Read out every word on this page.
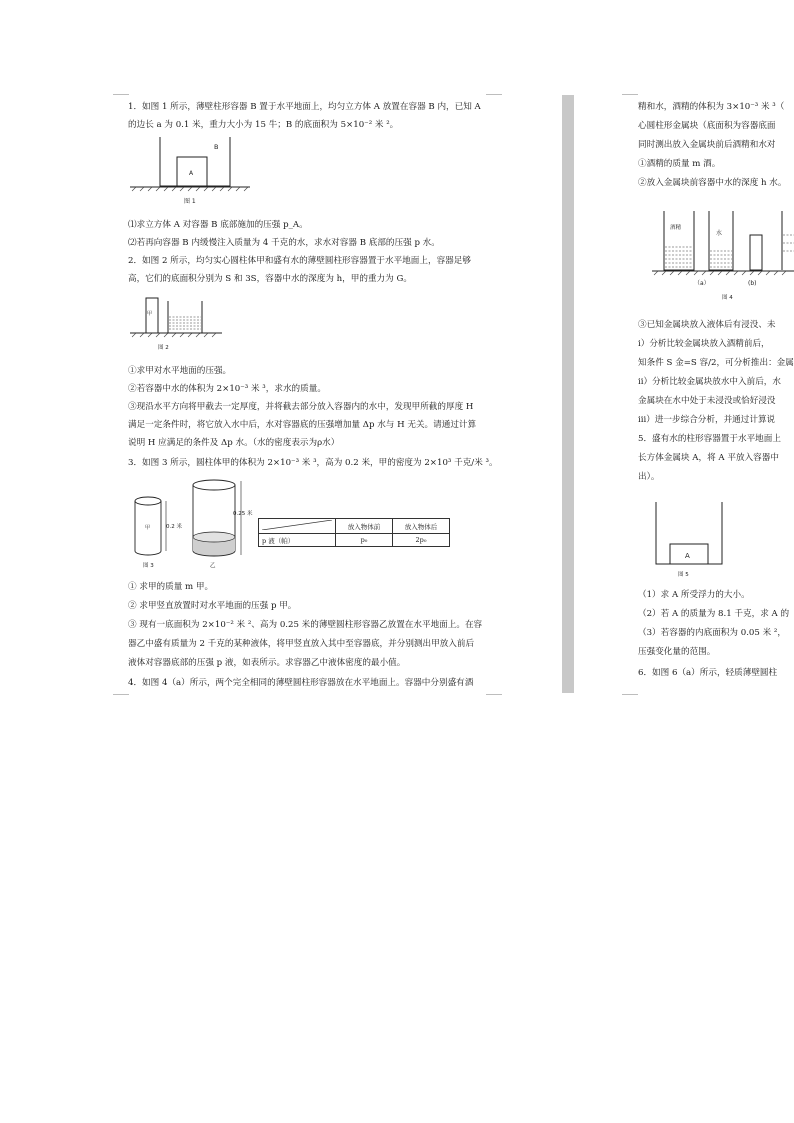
1．如图 1 所示，薄壁柱形容器 B 置于水平地面上，均匀立方体 A 放置在容器 B 内，已知 A
的边长 a 为 0.1 米，重力大小为 15 牛；B 的底面积为 5×10⁻² 米 ²。
B
A
图 1
⑴求立方体 A 对容器 B 底部施加的压强 p_A。
⑵若再向容器 B 内缓慢注入质量为 4 千克的水，求水对容器 B 底部的压强 p 水。
2．如图 2 所示，均匀实心圆柱体甲和盛有水的薄壁圆柱形容器置于水平地面上，容器足够
高，它们的底面积分别为 S 和 3S，容器中水的深度为 h，甲的重力为 G。
甲
图 2
①求甲对水平地面的压强。
②若容器中水的体积为 2×10⁻³ 米 ³，求水的质量。
③现沿水平方向将甲截去一定厚度，并将截去部分放入容器内的水中，发现甲所截的厚度 H
满足一定条件时，将它放入水中后，水对容器底的压强增加量 Δp 水与 H 无关。请通过计算
说明 H 应满足的条件及 Δp 水。（水的密度表示为ρ水）
3．如图 3 所示，圆柱体甲的体积为 2×10⁻³ 米 ³，高为 0.2 米，甲的密度为 2×10³ 千克/米 ³。
甲	0.2 米
0.25 米
图 3	乙
	放入物体前	放入物体后
p 液（帕）	p₀	2p₀
① 求甲的质量 m 甲。
② 求甲竖直放置时对水平地面的压强 p 甲。
③ 现有一底面积为 2×10⁻² 米 ²、高为 0.25 米的薄壁圆柱形容器乙放置在水平地面上。在容
器乙中盛有质量为 2 千克的某种液体，将甲竖直放入其中至容器底，并分别测出甲放入前后
液体对容器底部的压强 p 液，如表所示。求容器乙中液体密度的最小值。
4．如图 4（a）所示，两个完全相同的薄壁圆柱形容器放在水平地面上。容器中分别盛有酒
精和水，酒精的体积为 3×10⁻³ 米 ³（
心圆柱形金属块（底面积为容器底面
同时测出放入金属块前后酒精和水对
①酒精的质量 m 酒。
②放入金属块前容器中水的深度 h 水。
酒精
水
（a）	(b)
图 4
③已知金属块放入液体后有浸没、未
i）分析比较金属块放入酒精前后，
知条件 S 金=S 容/2，可分析推出：金属
ii）分析比较金属块放水中入前后，水
金属块在水中处于未浸没或恰好浸没
iii）进一步综合分析，并通过计算说
5．盛有水的柱形容器置于水平地面上
长方体金属块 A，将 A 平放入容器中
出）。
A
图 5
（1）求 A 所受浮力的大小。
（2）若 A 的质量为 8.1 千克，求 A 的
（3）若容器的内底面积为 0.05 米 ²，
压强变化量的范围。
6．如图 6（a）所示，轻质薄壁圆柱
